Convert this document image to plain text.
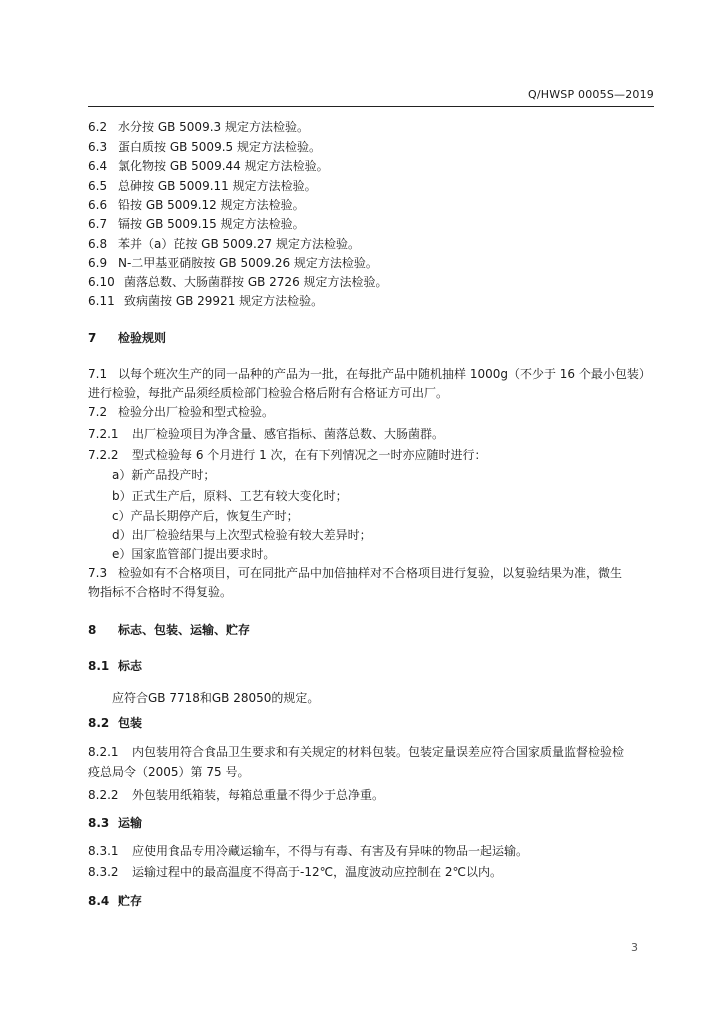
Q/HWSP 0005S—2019
6.2 水分按 GB 5009.3 规定方法检验。
6.3 蛋白质按 GB 5009.5 规定方法检验。
6.4 氯化物按 GB 5009.44 规定方法检验。
6.5 总砷按 GB 5009.11 规定方法检验。
6.6 铅按 GB 5009.12 规定方法检验。
6.7 镉按 GB 5009.15 规定方法检验。
6.8 苯并（a）芘按 GB 5009.27 规定方法检验。
6.9 N-二甲基亚硝胺按 GB 5009.26 规定方法检验。
6.10 菌落总数、大肠菌群按 GB 2726 规定方法检验。
6.11 致病菌按 GB 29921 规定方法检验。
7 检验规则
7.1 以每个班次生产的同一品种的产品为一批，在每批产品中随机抽样 1000g（不少于 16 个最小包装）
进行检验，每批产品须经质检部门检验合格后附有合格证方可出厂。
7.2 检验分出厂检验和型式检验。
7.2.1 出厂检验项目为净含量、感官指标、菌落总数、大肠菌群。
7.2.2 型式检验每 6 个月进行 1 次，在有下列情况之一时亦应随时进行：
a）新产品投产时；
b）正式生产后，原料、工艺有较大变化时；
c）产品长期停产后，恢复生产时；
d）出厂检验结果与上次型式检验有较大差异时；
e）国家监管部门提出要求时。
7.3 检验如有不合格项目，可在同批产品中加倍抽样对不合格项目进行复验，以复验结果为准，微生
物指标不合格时不得复验。
8 标志、包装、运输、贮存
8.1 标志
应符合GB 7718和GB 28050的规定。
8.2 包装
8.2.1 内包装用符合食品卫生要求和有关规定的材料包装。包装定量误差应符合国家质量监督检验检
疫总局令（2005）第 75 号。
8.2.2 外包装用纸箱装，每箱总重量不得少于总净重。
8.3 运输
8.3.1 应使用食品专用冷藏运输车，不得与有毒、有害及有异味的物品一起运输。
8.3.2 运输过程中的最高温度不得高于-12℃，温度波动应控制在 2℃以内。
8.4 贮存
3
